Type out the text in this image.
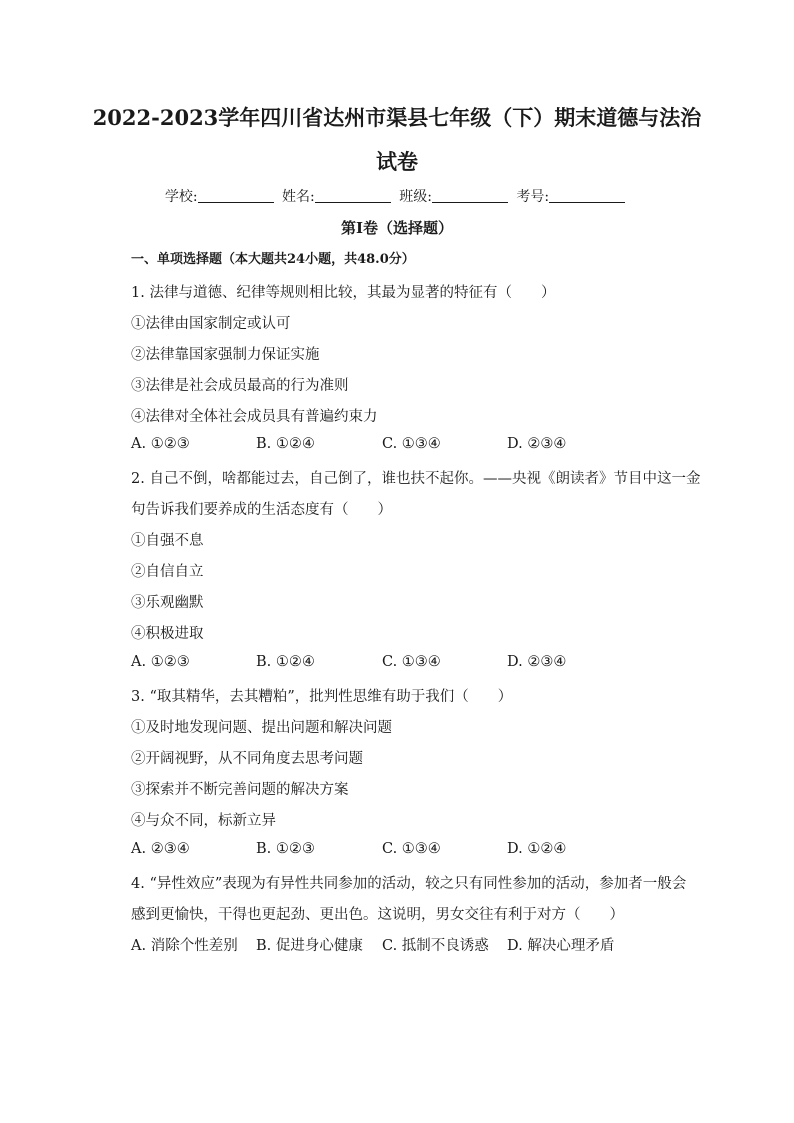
2022-2023学年四川省达州市渠县七年级（下）期末道德与法治
试卷
学校:	姓名:	班级:	考号:
第I卷（选择题）
一、单项选择题（本大题共24小题，共48.0分）

1. 法律与道德、纪律等规则相比较，其最为显著的特征有（　　）

①法律由国家制定或认可

②法律靠国家强制力保证实施

③法律是社会成员最高的行为准则

④法律对全体社会成员具有普遍约束力

A. ①②③	B. ①②④	C. ①③④	D. ②③④

2. 自己不倒，啥都能过去，自己倒了，谁也扶不起你。——央视《朗读者》节目中这一金

句告诉我们要养成的生活态度有（　　）

①自强不息

②自信自立

③乐观幽默

④积极进取

A. ①②③	B. ①②④	C. ①③④	D. ②③④

3. “取其精华，去其糟粕”，批判性思维有助于我们（　　）

①及时地发现问题、提出问题和解决问题

②开阔视野，从不同角度去思考问题

③探索并不断完善问题的解决方案

④与众不同，标新立异

A. ②③④	B. ①②③	C. ①③④	D. ①②④

4. “异性效应”表现为有异性共同参加的活动，较之只有同性参加的活动，参加者一般会

感到更愉快，干得也更起劲、更出色。这说明，男女交往有利于对方（　　）

A. 消除个性差别 B. 促进身心健康 C. 抵制不良诱惑 D. 解决心理矛盾
